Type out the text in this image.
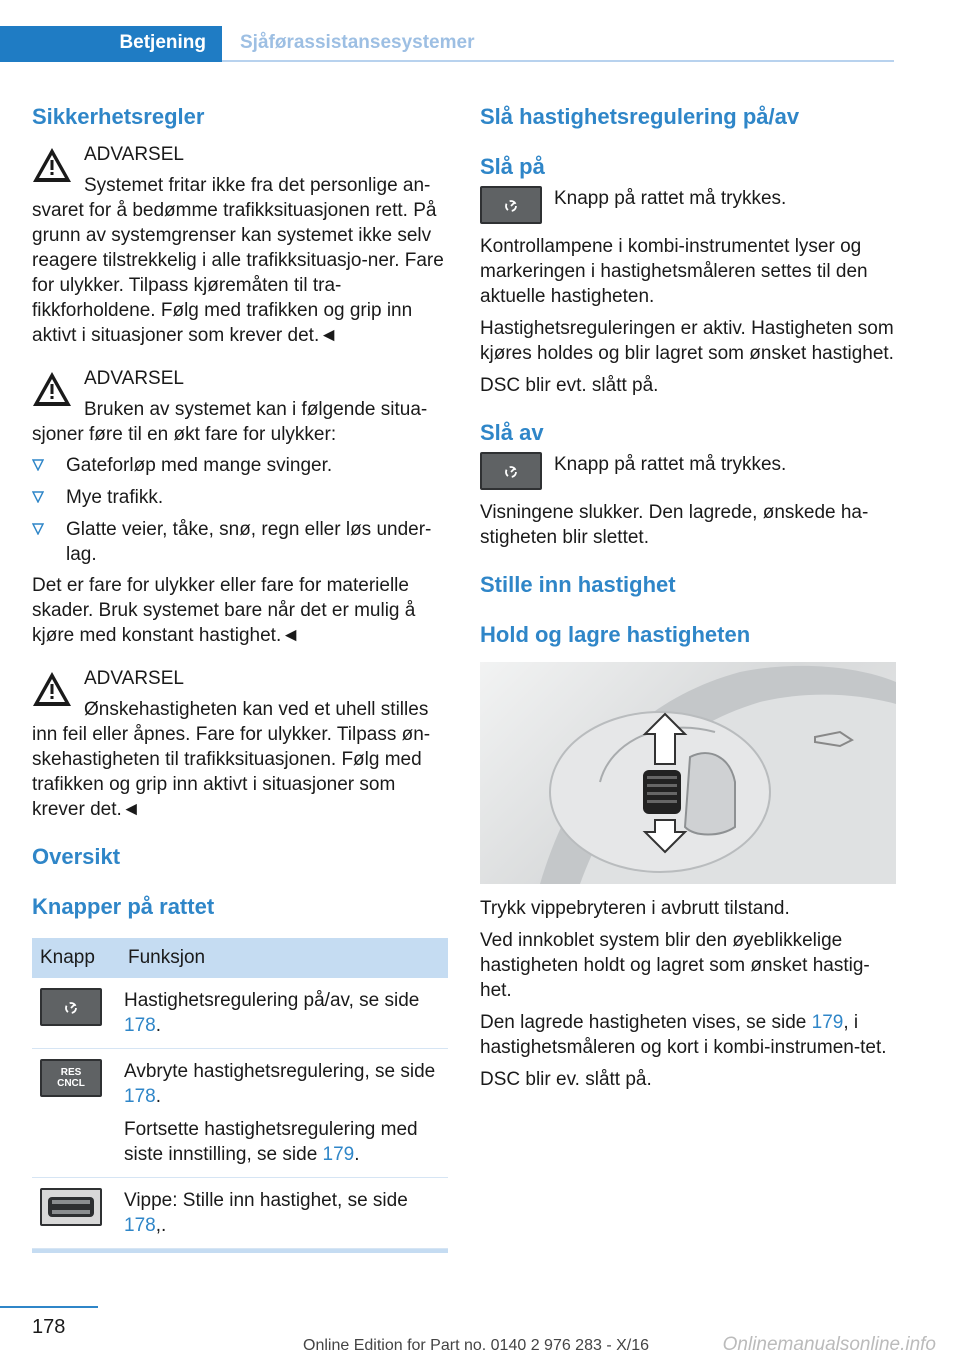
Betjening Sjåførassistansesystemer
Sikkerhetsregler
ADVARSEL

Systemet fritar ikke fra det personlige an-svaret for å bedømme trafikksituasjonen rett. På grunn av systemgrenser kan systemet ikke selv reagere tilstrekkelig i alle trafikksituasjo-ner. Fare for ulykker. Tilpass kjøremåten til tra-fikkforholdene. Følg med trafikken og grip inn aktivt i situasjoner som krever det.◄

ADVARSEL

Bruken av systemet kan i følgende situa-sjoner føre til en økt fare for ulykker:

Gateforløp med mange svinger.
Mye trafikk.
Glatte veier, tåke, snø, regn eller løs under-lag.

Det er fare for ulykker eller fare for materielle skader. Bruk systemet bare når det er mulig å kjøre med konstant hastighet.◄

ADVARSEL

Ønskehastigheten kan ved et uhell stilles inn feil eller åpnes. Fare for ulykker. Tilpass øn-skehastigheten til trafikksituasjonen. Følg med trafikken og grip inn aktivt i situasjoner som krever det.◄

Oversikt
Knapper på rattet
Knapp	Funksjon

	Hastighetsregulering på/av, se side 178.

RES
CNCL	Avbryte hastighetsregulering, se side 178.
Fortsette hastighetsregulering med siste innstilling, se side 179.

	Vippe: Stille inn hastighet, se side 178,.
Slå hastighetsregulering på/av
Slå på
Knapp på rattet må trykkes.

Kontrollampene i kombi-instrumentet lyser og markeringen i hastighetsmåleren settes til den aktuelle hastigheten.

Hastighetsreguleringen er aktiv. Hastigheten som kjøres holdes og blir lagret som ønsket hastighet.

DSC blir evt. slått på.

Slå av
Knapp på rattet må trykkes.

Visningene slukker. Den lagrede, ønskede ha-stigheten blir slettet.

Stille inn hastighet
Hold og lagre hastigheten

Trykk vippebryteren i avbrutt tilstand.

Ved innkoblet system blir den øyeblikkelige hastigheten holdt og lagret som ønsket hastig-het.

Den lagrede hastigheten vises, se side 179, i hastighetsmåleren og kort i kombi-instrumen-tet.

DSC blir ev. slått på.

178
Online Edition for Part no. 0140 2 976 283 - X/16	Onlinemanualsonline.info
